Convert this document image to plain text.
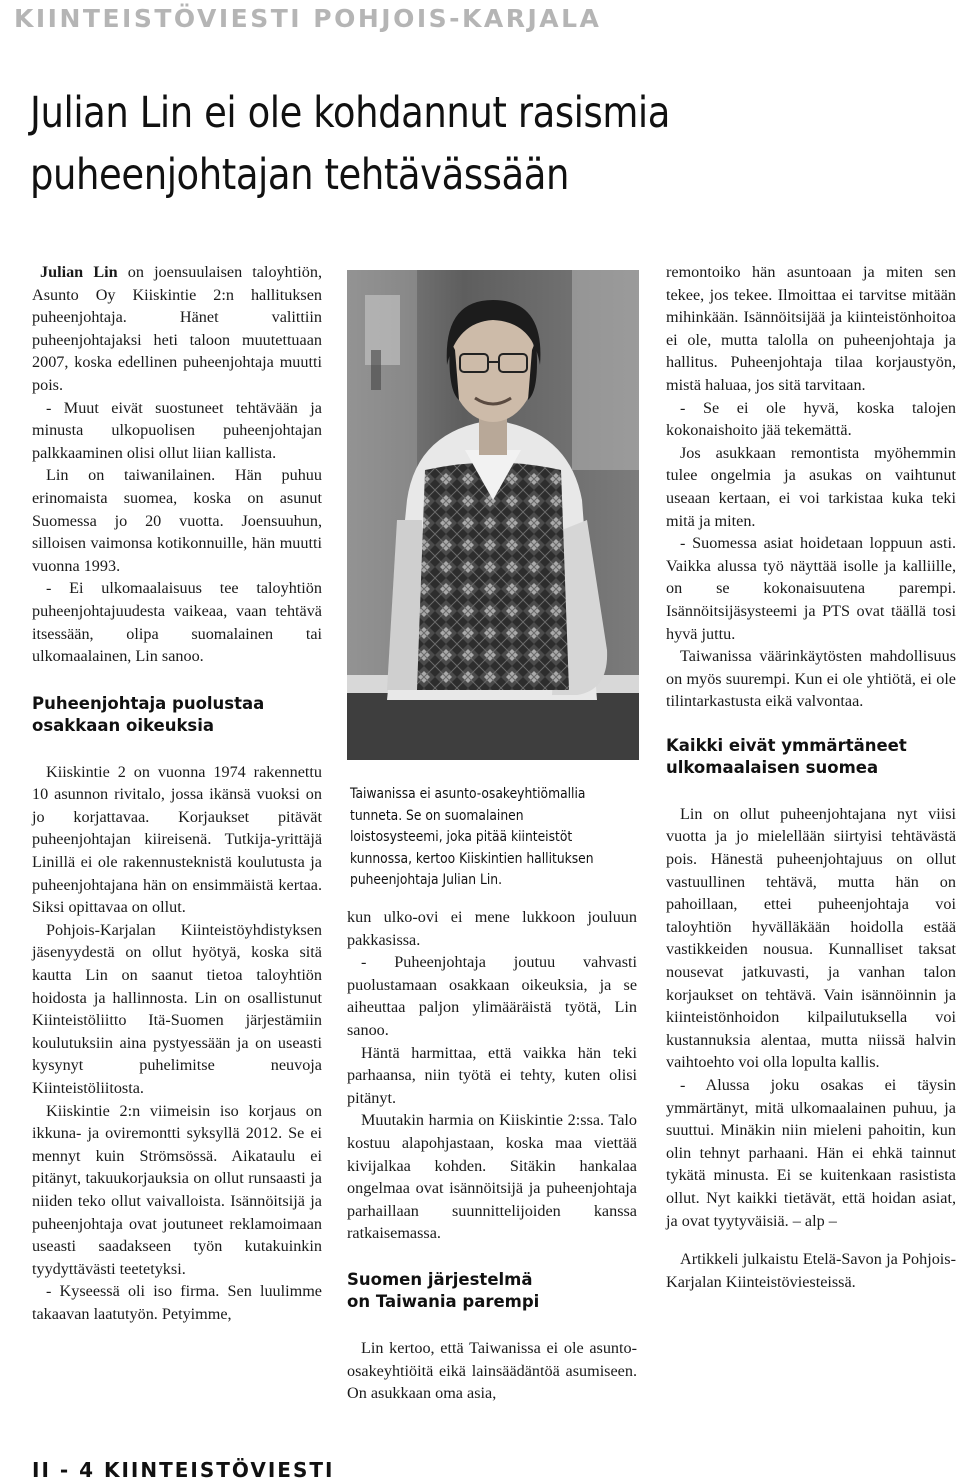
KIINTEISTÖVIESTI POHJOIS-KARJALA
Julian Lin ei ole kohdannut rasismia
puheenjohtajan tehtävässään

Julian Lin on joensuulaisen taloyhtiön, Asunto Oy Kiiskintie 2:n hallituksen puheenjohtaja. Hänet valittiin puheenjohtajaksi heti taloon muutettuaan 2007, koska edellinen puheenjohtaja muutti pois.

- Muut eivät suostuneet tehtävään ja minusta ulkopuolisen puheenjohtajan palkkaaminen olisi ollut liian kallista.

Lin on taiwanilainen. Hän puhuu erinomaista suomea, koska on asunut Suomessa jo 20 vuotta. Joensuuhun, silloisen vaimonsa kotikonnuille, hän muutti vuonna 1993.

- Ei ulkomaalaisuus tee taloyhtiön puheenjohtajuudesta vaikeaa, vaan tehtävä itsessään, olipa suomalainen tai ulkomaalainen, Lin sanoo.

Puheenjohtaja puolustaa
osakkaan oikeuksia

Kiiskintie 2 on vuonna 1974 rakennettu 10 asunnon rivitalo, jossa ikänsä vuoksi on jo korjattavaa. Korjaukset pitävät puheenjohtajan kiireisenä. Tutkija-yrittäjä Linillä ei ole rakennusteknistä koulutusta ja puheenjohtajana hän on ensimmäistä kertaa. Siksi opittavaa on ollut.

Pohjois-Karjalan Kiinteistöyhdistyksen jäsenyydestä on ollut hyötyä, koska sitä kautta Lin on saanut tietoa taloyhtiön hoidosta ja hallinnosta. Lin on osallistunut Kiinteistöliitto Itä-Suomen järjestämiin koulutuksiin aina pystyessään ja on useasti kysynyt puhelimitse neuvoja Kiinteistöliitosta.

Kiiskintie 2:n viimeisin iso korjaus on ikkuna- ja oviremontti syksyllä 2012. Se ei mennyt kuin Strömsössä. Aikataulu ei pitänyt, takuukorjauksia on ollut runsaasti ja niiden teko ollut vaivalloista. Isännöitsijä ja puheenjohtaja ovat joutuneet reklamoimaan useasti saadakseen työn kutakuinkin tyydyttävästi teetetyksi.

- Kyseessä oli iso firma. Sen luulimme takaavan laatutyön. Petyimme,

Taiwanissa ei asunto-osakeyhtiömallia tunneta. Se on suomalainen loistosysteemi, joka pitää kiinteistöt kunnossa, kertoo Kiiskintien hallituksen puheenjohtaja Julian Lin.

kun ulko-ovi ei mene lukkoon jouluun pakkasissa.

- Puheenjohtaja joutuu vahvasti puolustamaan osakkaan oikeuksia, ja se aiheuttaa paljon ylimääräistä työtä, Lin sanoo.

Häntä harmittaa, että vaikka hän teki parhaansa, niin työtä ei tehty, kuten olisi pitänyt.

Muutakin harmia on Kiiskintie 2:ssa. Talo kostuu alapohjastaan, koska maa viettää kivijalkaa kohden. Sitäkin hankalaa ongelmaa ovat isännöitsijä ja puheenjohtaja parhaillaan suunnittelijoiden kanssa ratkaisemassa.

Suomen järjestelmä
on Taiwania parempi

Lin kertoo, että Taiwanissa ei ole asunto-osakeyhtiöitä eikä lainsäädäntöä asumiseen. On asukkaan oma asia,

remontoiko hän asuntoaan ja miten sen tekee, jos tekee. Ilmoittaa ei tarvitse mitään mihinkään. Isännöitsijää ja kiinteistönhoitoa ei ole, mutta talolla on puheenjohtaja ja hallitus. Puheenjohtaja tilaa korjaustyön, mistä haluaa, jos sitä tarvitaan.

- Se ei ole hyvä, koska talojen kokonaishoito jää tekemättä.

Jos asukkaan remontista myöhemmin tulee ongelmia ja asukas on vaihtunut useaan kertaan, ei voi tarkistaa kuka teki mitä ja miten.

- Suomessa asiat hoidetaan loppuun asti. Vaikka alussa työ näyttää isolle ja kalliille, on se kokonaisuutena parempi. Isännöitsijäsysteemi ja PTS ovat täällä tosi hyvä juttu.

Taiwanissa väärinkäytösten mahdollisuus on myös suurempi. Kun ei ole yhtiötä, ei ole tilintarkastusta eikä valvontaa.

Kaikki eivät ymmärtäneet
ulkomaalaisen suomea

Lin on ollut puheenjohtajana nyt viisi vuotta ja jo mielellään siirtyisi tehtävästä pois. Hänestä puheenjohtajuus on ollut vastuullinen tehtävä, mutta hän on pahoillaan, ettei puheenjohtaja voi taloyhtiön hyvälläkään hoidolla estää vastikkeiden nousua. Kunnalliset taksat nousevat jatkuvasti, ja vanhan talon korjaukset on tehtävä. Vain isännöinnin ja kiinteistönhoidon kilpailutuksella voi kustannuksia alentaa, mutta niissä halvin vaihtoehto voi olla lopulta kallis.

- Alussa joku osakas ei täysin ymmärtänyt, mitä ulkomaalainen puhuu, ja suuttui. Minäkin niin mieleni pahoitin, kun olin tehnyt parhaani. Hän ei ehkä tainnut tykätä minusta. Ei se kuitenkaan rasistista ollut. Nyt kaikki tietävät, että hoidan asiat, ja ovat tyytyväisiä. – alp –

Artikkeli julkaistu Etelä-Savon ja Pohjois-Karjalan Kiinteistöviesteissä.

II - 4 KIINTEISTÖVIESTI
